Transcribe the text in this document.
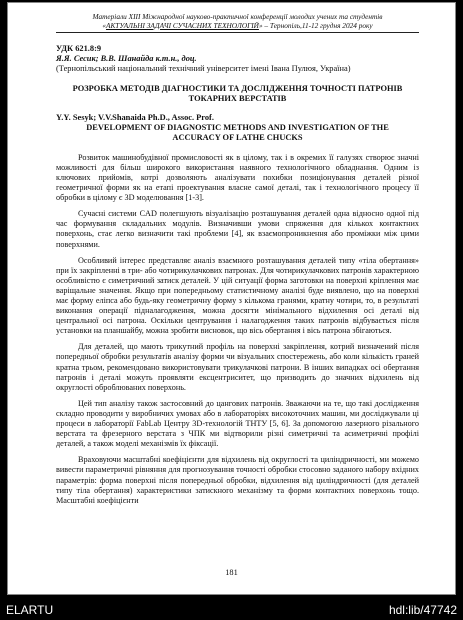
Матеріали ХІІІ Міжнародної науково-практичної конференції молодих учених та студентів
«АКТУАЛЬНІ ЗАДАЧІ СУЧАСНИХ ТЕХНОЛОГІЙ» – Тернопіль,11-12 грудня 2024 року
УДК 621.8:9
Я.Я. Сесик; В.В. Шанайда к.т.н., доц.
(Тернопільський національний технічний університет імені Івана Пулюя, Україна)
РОЗРОБКА МЕТОДІВ ДІАГНОСТИКИ ТА ДОСЛІДЖЕННЯ ТОЧНОСТІ ПАТРОНІВ ТОКАРНИХ ВЕРСТАТІВ
Y.Y. Sesyk; V.V.Shanaida Ph.D., Assoc. Prof.
DEVELOPMENT OF DIAGNOSTIC METHODS AND INVESTIGATION OF THE ACCURACY OF LATHE CHUCKS

Розвиток машинобудівної промисловості як в цілому, так і в окремих її галузях створює значні можливості для більш широкого використання наявного технологічного обладнання. Одним із ключових прийомів, котрі дозволяють аналізувати похибки позиціонування деталей різної геометричної форми як на етапі проектування власне самої деталі, так і технологічного процесу її обробки в цілому є 3D моделювання [1-3].

Сучасні системи CAD полегшують візуалізацію розташування деталей одна відносно одної під час формування складальних модулів. Визначивши умови спряження для кількох контактних поверхонь, стає легко визначити такі проблеми [4], як взаємопроникнення або проміжки між цими поверхнями.

Особливий інтерес представляє аналіз взаємного розташування деталей типу «тіла обертання» при їх закріпленні в три- або чотирикулачкових патронах. Для чотирикулачкових патронів характерною особливістю є симетричний затиск деталей. У цій ситуації форма заготовки на поверхні кріплення має варіщальне значення. Якщо при попередньому статистичному аналізі буде виявлено, що на поверхні має форму еліпса або будь-яку геометричну форму з кількома гранями, кратну чотири, то, в результаті виконання операції підналагодження, можна досягти мінімального відхилення осі деталі від центральної осі патрона. Оскільки центрування і налагодження таких патронів відбувається після установки на планшайбу, можна зробити висновок, що вісь обертання і вісь патрона збігаються.

Для деталей, що мають трикутний профіль на поверхні закріплення, котрий визначений після попередньої обробки результатів аналізу форми чи візуальних спостережень, або коли кількість граней кратна трьом, рекомендовано використовувати трикулачкові патрони. В інших випадках осі обертання патронів і деталі можуть проявляти ексцентриситет, що призводить до значних відхилень від округлості оброблюваних поверхонь.

Цей тип аналізу також застосовний до цангових патронів. Зважаючи на те, що такі дослідження складно проводити у виробничих умовах або в лабораторіях високоточних машин, ми досліджували ці процеси в лабораторії FabLab Центру 3D-технологій ТНТУ [5, 6]. За допомогою лазерного різального верстата та фрезерного верстата з ЧПК ми відтворили різні симетричні та асиметричні профілі деталей, а також моделі механізмів їх фіксації.

Враховуючи масштабні коефіцієнти для відхилень від округлості та циліндричності, ми можемо вивести параметричні рівняння для прогнозування точності обробки стосовно заданого набору вхідних параметрів: форма поверхні після попередньої обробки, відхилення від циліндричності (для деталей типу тіла обертання) характеристики затискного механізму та форми контактних поверхонь тощо. Масштабні коефіцієнти

181
ELARTU	hdl:lib/47742
